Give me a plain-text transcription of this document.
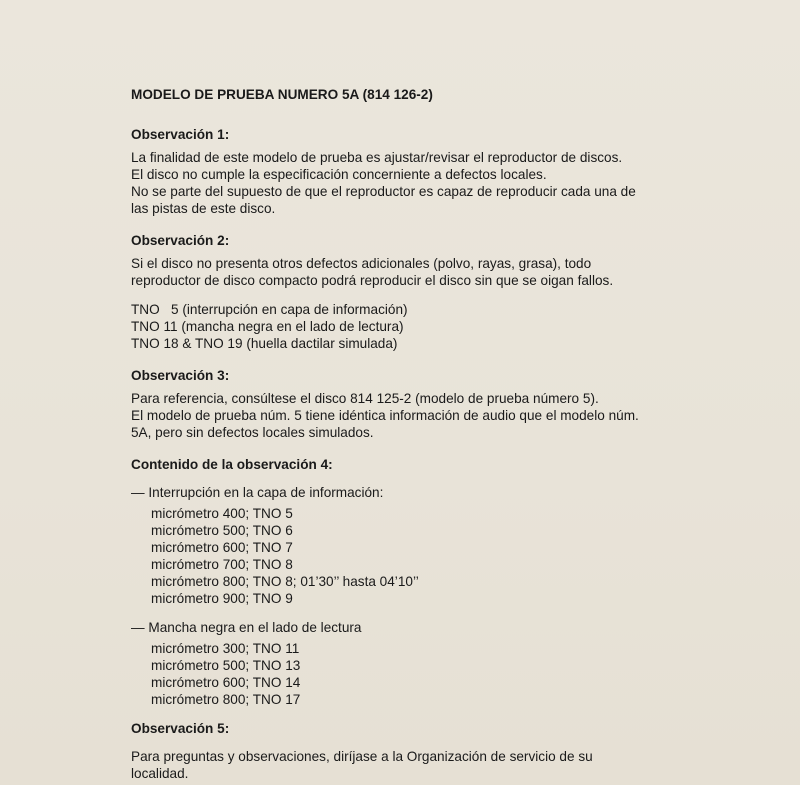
MODELO DE PRUEBA NUMERO 5A (814 126-2)

Observación 1:

La finalidad de este modelo de prueba es ajustar/revisar el reproductor de discos.

El disco no cumple la especificación concerniente a defectos locales.

No se parte del supuesto de que el reproductor es capaz de reproducir cada una de

las pistas de este disco.

Observación 2:

Si el disco no presenta otros defectos adicionales (polvo, rayas, grasa), todo

reproductor de disco compacto podrá reproducir el disco sin que se oigan fallos.

TNO   5 (interrupción en capa de información)

TNO 11 (mancha negra en el lado de lectura)

TNO 18 & TNO 19 (huella dactilar simulada)

Observación 3:

Para referencia, consúltese el disco 814 125-2 (modelo de prueba número 5).

El modelo de prueba núm. 5 tiene idéntica información de audio que el modelo núm.

5A, pero sin defectos locales simulados.

Contenido de la observación 4:

— Interrupción en la capa de información:

micrómetro 400; TNO 5
micrómetro 500; TNO 6
micrómetro 600; TNO 7
micrómetro 700; TNO 8
micrómetro 800; TNO 8; 01’30’’ hasta 04’10’’
micrómetro 900; TNO 9

— Mancha negra en el lado de lectura

micrómetro 300; TNO 11
micrómetro 500; TNO 13
micrómetro 600; TNO 14
micrómetro 800; TNO 17

Observación 5:

Para preguntas y observaciones, diríjase a la Organización de servicio de su

localidad.
